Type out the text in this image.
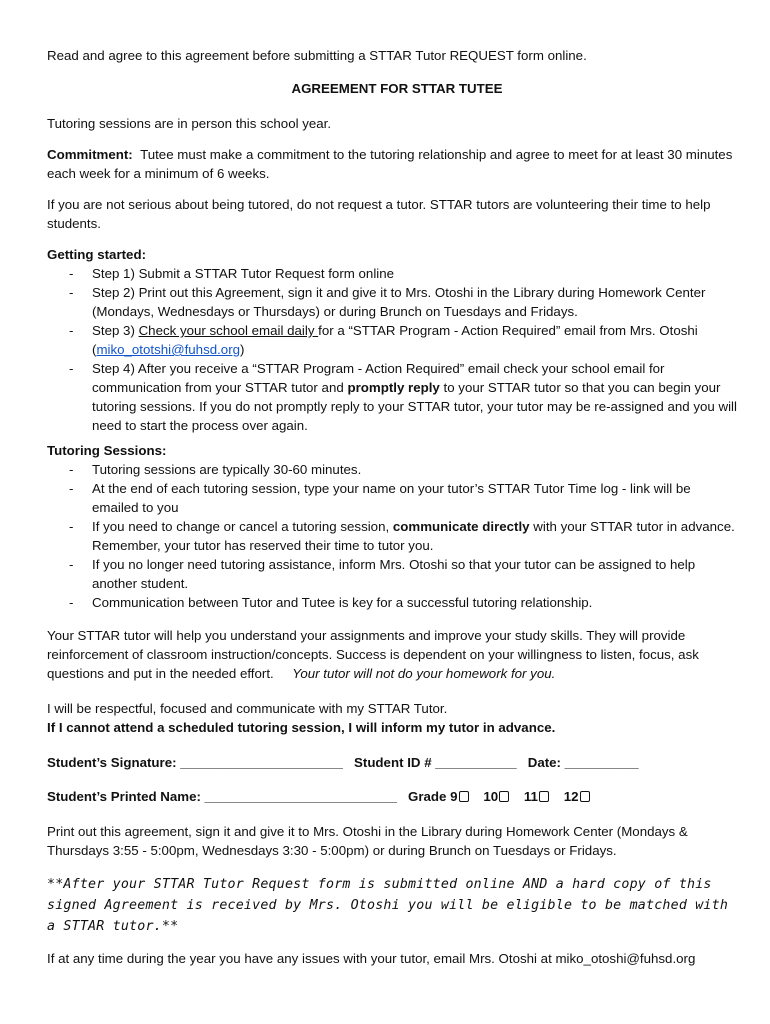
Read and agree to this agreement before submitting a STTAR Tutor REQUEST form online.

AGREEMENT FOR STTAR TUTEE

Tutoring sessions are in person this school year.

Commitment: Tutee must make a commitment to the tutoring relationship and agree to meet for at least 30 minutes each week for a minimum of 6 weeks.

If you are not serious about being tutored, do not request a tutor. STTAR tutors are volunteering their time to help students.

Getting started:

- Step 1) Submit a STTAR Tutor Request form online
- Step 2) Print out this Agreement, sign it and give it to Mrs. Otoshi in the Library during Homework Center (Mondays, Wednesdays or Thursdays) or during Brunch on Tuesdays and Fridays.
- Step 3) Check your school email daily for a “STTAR Program - Action Required” email from Mrs. Otoshi (miko_ototshi@fuhsd.org)
- Step 4) After you receive a “STTAR Program - Action Required” email check your school email for communication from your STTAR tutor and promptly reply to your STTAR tutor so that you can begin your tutoring sessions. If you do not promptly reply to your STTAR tutor, your tutor may be re-assigned and you will need to start the process over again.

Tutoring Sessions:

- Tutoring sessions are typically 30-60 minutes.
- At the end of each tutoring session, type your name on your tutor’s STTAR Tutor Time log - link will be emailed to you
- If you need to change or cancel a tutoring session, communicate directly with your STTAR tutor in advance. Remember, your tutor has reserved their time to tutor you.
- If you no longer need tutoring assistance, inform Mrs. Otoshi so that your tutor can be assigned to help another student.
- Communication between Tutor and Tutee is key for a successful tutoring relationship.

Your STTAR tutor will help you understand your assignments and improve your study skills. They will provide reinforcement of classroom instruction/concepts. Success is dependent on your willingness to listen, focus, ask questions and put in the needed effort. Your tutor will not do your homework for you.

I will be respectful, focused and communicate with my STTAR Tutor.

If I cannot attend a scheduled tutoring session, I will inform my tutor in advance.

Student’s Signature: ______________________ Student ID # ___________ Date: __________

Student’s Printed Name: __________________________ Grade 9 10 11 12

Print out this agreement, sign it and give it to Mrs. Otoshi in the Library during Homework Center (Mondays & Thursdays 3:55 - 5:00pm, Wednesdays 3:30 - 5:00pm) or during Brunch on Tuesdays or Fridays.

**After your STTAR Tutor Request form is submitted online AND a hard copy of this signed Agreement is received by Mrs. Otoshi you will be eligible to be matched with a STTAR tutor.**

If at any time during the year you have any issues with your tutor, email Mrs. Otoshi at miko_otoshi@fuhsd.org
